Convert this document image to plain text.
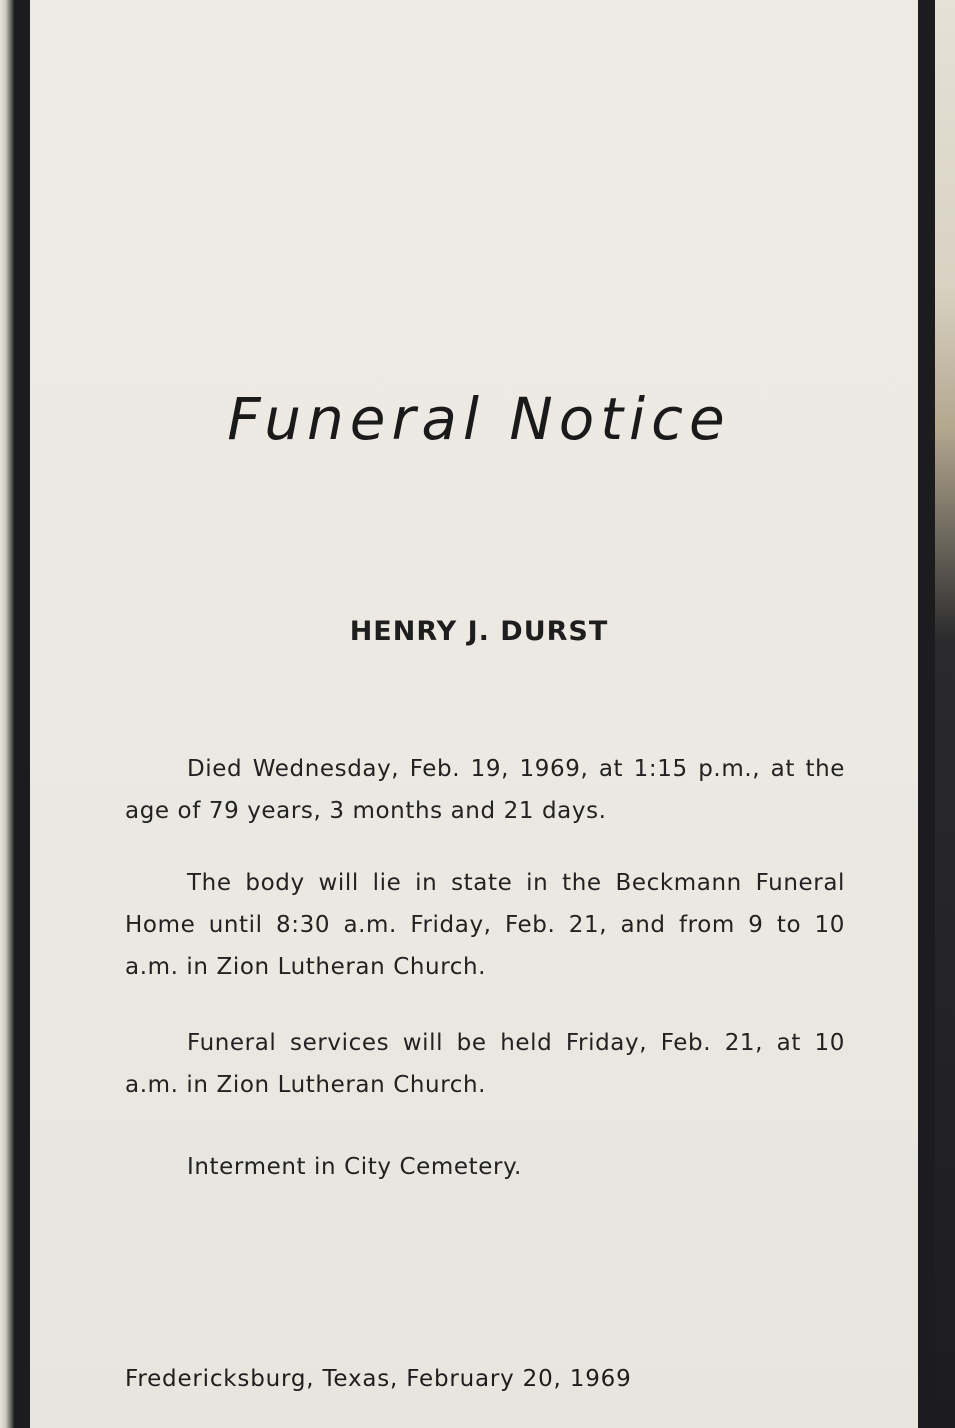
Funeral Notice
HENRY J. DURST
Died Wednesday, Feb. 19, 1969, at 1:15 p.m., at the age of 79 years, 3 months and 21 days.
The body will lie in state in the Beckmann Funeral Home until 8:30 a.m. Friday, Feb. 21, and from 9 to 10 a.m. in Zion Lutheran Church.
Funeral services will be held Friday, Feb. 21, at 10 a.m. in Zion Lutheran Church.
Interment in City Cemetery.
Fredericksburg, Texas, February 20, 1969
